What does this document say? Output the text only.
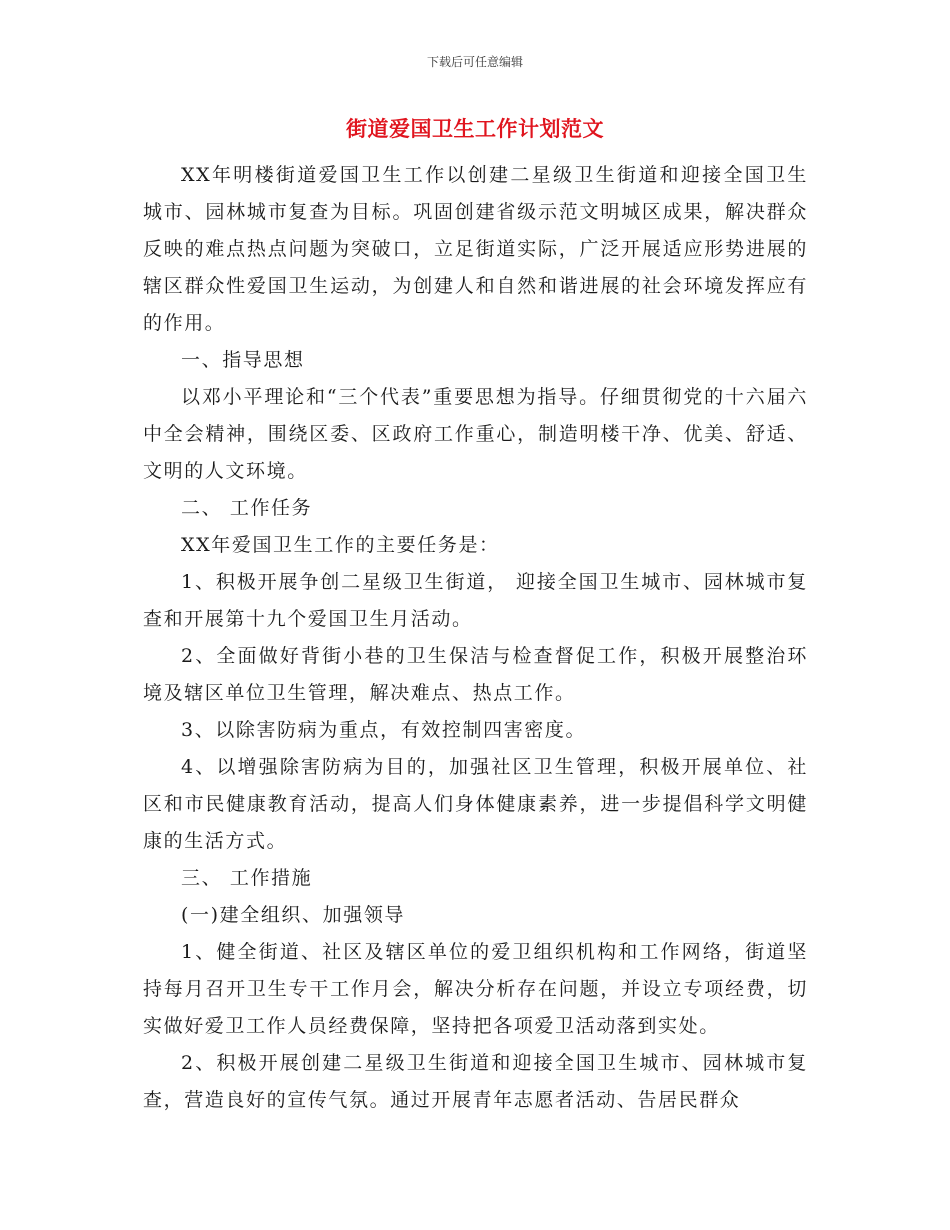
下载后可任意编辑
街道爱国卫生工作计划范文

XX年明楼街道爱国卫生工作以创建二星级卫生街道和迎接全国卫生城市、园林城市复查为目标。巩固创建省级示范文明城区成果，解决群众反映的难点热点问题为突破口，立足街道实际，广泛开展适应形势进展的辖区群众性爱国卫生运动，为创建人和自然和谐进展的社会环境发挥应有的作用。

一、指导思想

以邓小平理论和“三个代表”重要思想为指导。仔细贯彻党的十六届六中全会精神，围绕区委、区政府工作重心，制造明楼干净、优美、舒适、文明的人文环境。

二、 工作任务

XX年爱国卫生工作的主要任务是：

1、积极开展争创二星级卫生街道， 迎接全国卫生城市、园林城市复查和开展第十九个爱国卫生月活动。

2、全面做好背街小巷的卫生保洁与检查督促工作，积极开展整治环境及辖区单位卫生管理，解决难点、热点工作。

3、以除害防病为重点，有效控制四害密度。

4、以增强除害防病为目的，加强社区卫生管理，积极开展单位、社区和市民健康教育活动，提高人们身体健康素养，进一步提倡科学文明健康的生活方式。

三、 工作措施

(一)建全组织、加强领导

1、健全街道、社区及辖区单位的爱卫组织机构和工作网络，街道坚持每月召开卫生专干工作月会，解决分析存在问题，并设立专项经费，切实做好爱卫工作人员经费保障，坚持把各项爱卫活动落到实处。

2、积极开展创建二星级卫生街道和迎接全国卫生城市、园林城市复查，营造良好的宣传气氛。通过开展青年志愿者活动、告居民群众
